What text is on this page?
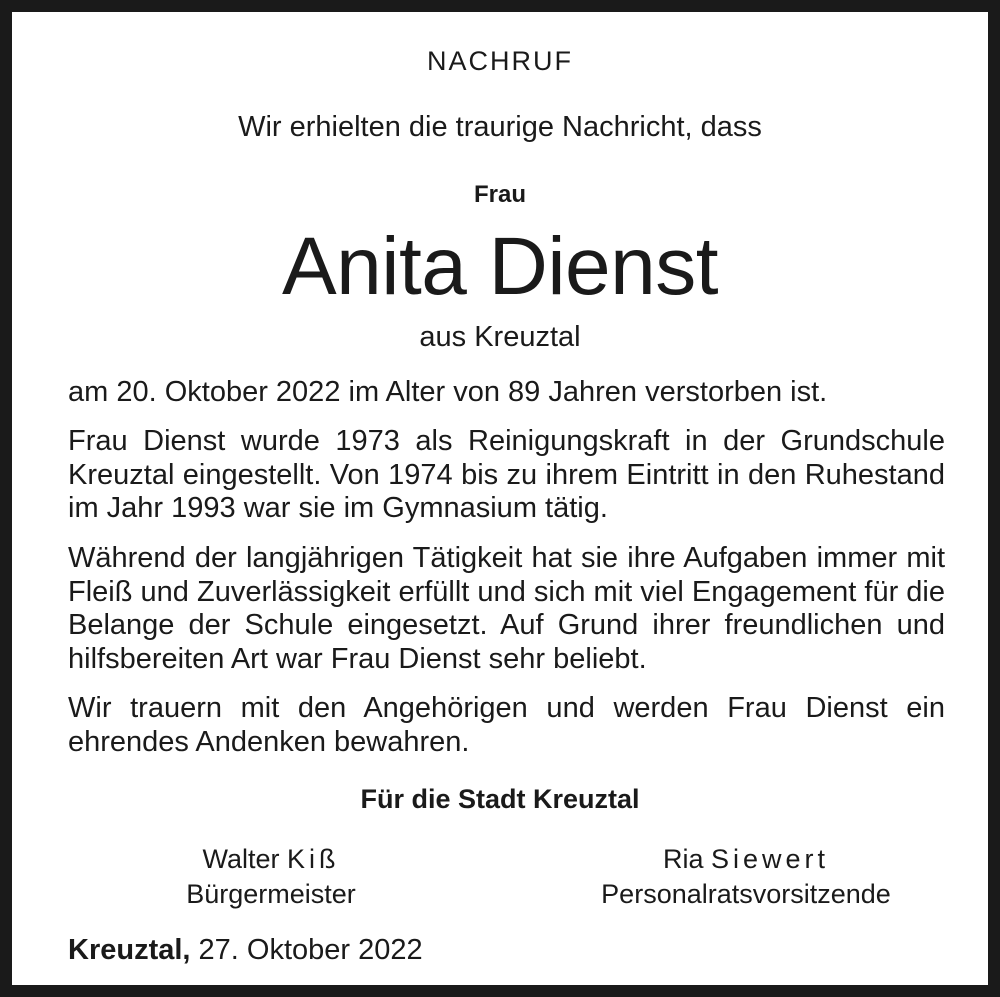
NACHRUF
Wir erhielten die traurige Nachricht, dass
Frau
Anita Dienst
aus Kreuztal

am 20. Oktober 2022 im Alter von 89 Jahren verstorben ist.

Frau Dienst wurde 1973 als Reinigungskraft in der Grundschule Kreuztal eingestellt. Von 1974 bis zu ihrem Eintritt in den Ruhestand im Jahr 1993 war sie im Gymnasium tätig.

Während der langjährigen Tätigkeit hat sie ihre Aufgaben immer mit Fleiß und Zuverlässigkeit erfüllt und sich mit viel Engagement für die Belange der Schule eingesetzt. Auf Grund ihrer freundlichen und hilfsbereiten Art war Frau Dienst sehr beliebt.

Wir trauern mit den Angehörigen und werden Frau Dienst ein ehrendes Andenken bewahren.

Für die Stadt Kreuztal
Walter Kiß
Bürgermeister
Ria Siewert
Personalratsvorsitzende
Kreuztal, 27. Oktober 2022
